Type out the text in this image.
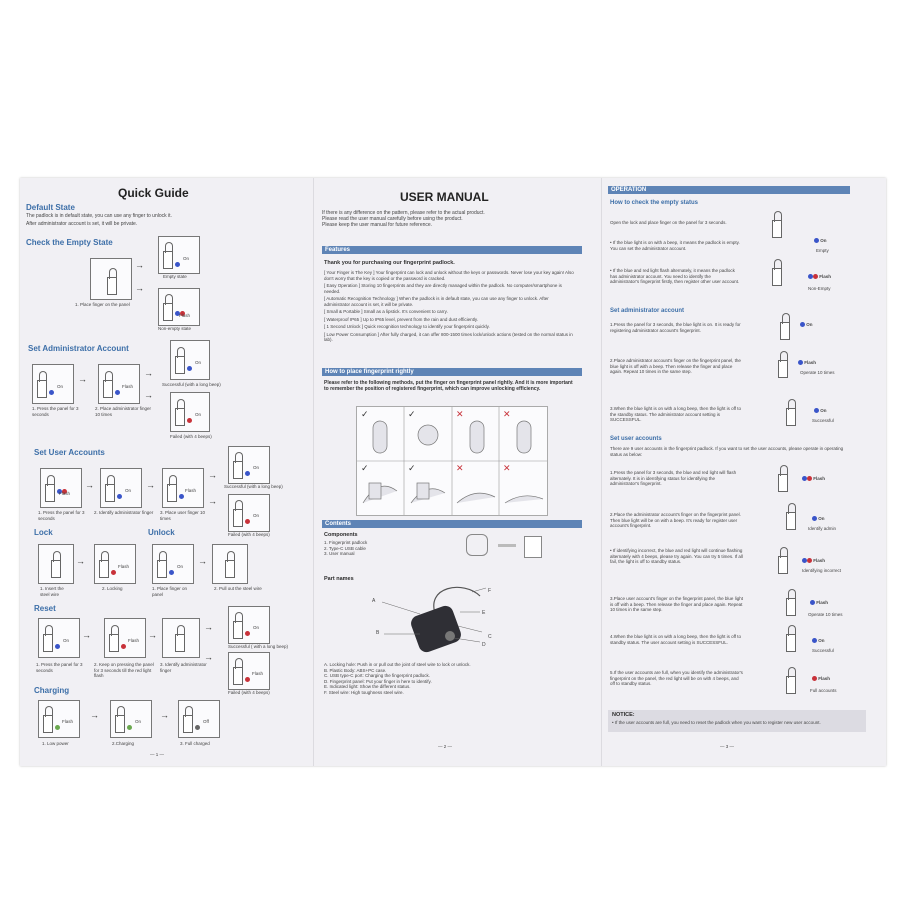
Quick Guide
Default State
The padlock is in default state, you can use any finger to unlock it.
After administrator account is set, it will be private.
Check the Empty State
1. Place finger on the panel
→
→
On
Empty state
Flash
Non-empty state
Set Administrator Account
On
1. Press the panel for 3 seconds
→
Flash
2. Place administrator finger 10 times
→
→
On
Successful (with a long beep)
On
Failed (with 4 beeps)
Set User Accounts
Flash
1. Press the panel for 3 seconds
→
On
2. Identify administrator finger
→
Flash
3. Place user finger 10 times
→
→
On
Successful (with a long beep)
On
Failed (with 4 beeps)
Lock	Unlock
1. Insert the steel wire
→
Flash
2. Locking
On
1. Place finger on panel
→
2. Pull out the steel wire
Reset
On
1. Press the panel for 3 seconds
→
Flash
2. Keep on pressing the panel for 3 seconds till the red light flash
→
3. Identify administrator finger
→
→
On
Successful ( with a long beep)
Flash
Failed (with 4 beeps)
Charging
Flash
1. Low power
→
On
2.Charging
→
Off
3. Full charged
— 1 —
USER MANUAL
If there is any difference on the pattern, please refer to the actual product.
Please read the user manual carefully before using the product.
Please keep the user manual for future reference.
Features
Thank you for purchasing our fingerprint padlock.
[ Your Finger is The Key ] Your fingerprint can lock and unlock without the keys or passwords. Never lose your key again! Also don't worry that the key is copied or the password is cracked.
[ Easy Operation ] Storing 10 fingerprints and they are directly managed within the padlock. No computer/smartphone is needed.
[ Automatic Recognition Technology ] When the padlock is in default state, you can use any finger to unlock. After administrator account is set, it will be private.
[ Small & Portable ] Small as a lipstick. It's convenient to carry.
[ Waterproof IP65 ] Up to IP65 level, prevent from the rain and dust efficiently.
[ 1 Second Unlock ] Quick recognition technology to identify your fingerprint quickly.
[ Low Power Consumption ] After fully charged, it can offer 800-1500 times lock/unlock actions (tested on the normal status in lab).
How to place fingerprint rightly
Please refer to the following methods, put the finger on fingerprint panel rightly. And it is more important to remember the position of registered fingerprint, which can improve unlocking efficiency.
✓	✓	✕	✕
✓	✓	✕	✕
Contents
Components
1. Fingerprint padlock
2. Type-C USB cable
3. User manual
Part names
A
B
C
D
E
F
A. Locking hole: Push in or pull out the joint of steel wire to lock or unlock.
B. Plastic Body: ABS+PC case.
C. USB type-C port: Charging the fingerprint padlock.
D. Fingerprint panel: Put your finger in here to identify.
E. Indicated light: Show the different status.
F. Steel wire: High toughness steel wire.
— 2 —
OPERATION
How to check the empty status
Open the lock and place finger on the panel for 3 seconds.
• If the blue light is on with a beep, it means the padlock is empty. You can set the administrator account.
• If the blue and red light flash alternately, it means the padlock has administrator account. You need to identify the administrator's fingerprint firstly, then register other user account.
On
Empty
Flash
Non-Empty
Set administrator account
1.Press the panel for 3 seconds, the blue light is on. It is ready for registering administrator account's fingerprint.
On
2.Place administrator account's finger on the fingerprint panel, the blue light is off with a beep. Then release the finger and place again. Repeat 10 times in the same step.
Flash
Operate 10 times
3.When the blue light is on with a long beep, then the light is off to the standby status. The administrator account setting is SUCCESSFUL.
On
Successful
Set user accounts
There are 9 user accounts in the fingerprint padlock. If you want to set the user accounts, please operate in operating status as below:
1.Press the panel for 3 seconds, the blue and red light will flash alternately. It is in identifying status for identifying the administrator's fingerprint.
Flash
2.Place the administrator account's finger on the fingerprint panel. Then blue light will be on with a beep. It's ready for register user account's fingerprint.
On
Identify admin
• If identifying incorrect, the blue and red light will continue flashing alternately with 4 beeps, please try again. You can try 5 times. If all fail, the light is off to standby status.	Flash
Identifying incorrect
3.Place user account's finger on the fingerprint panel, the blue light is off with a beep. Then release the finger and place again. Repeat 10 times in the same step.
Flash
Operate 10 times
4.When the blue light is on with a long beep, then the light is off to standby status. The user account setting is SUCCESSFUL.	On
Successful
5.If the user accounts are full, when you identify the administrator's fingerprint on the panel, the red light will be on with 4 beeps, and off to standby status.
Flash
Full accounts
NOTICE:
• If the user accounts are full, you need to reset the padlock when you want to register new user account.
— 3 —
